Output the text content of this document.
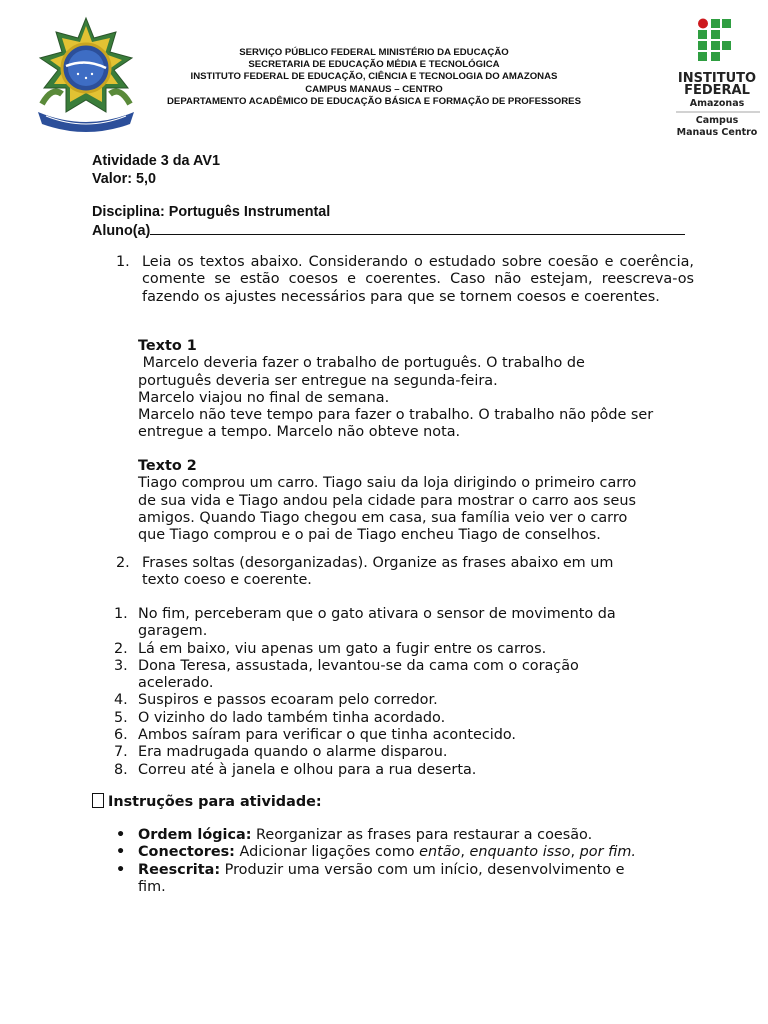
SERVIÇO PÚBLICO FEDERAL MINISTÉRIO DA EDUCAÇÃO
SECRETARIA DE EDUCAÇÃO MÉDIA E TECNOLÓGICA
INSTITUTO FEDERAL DE EDUCAÇÃO, CIÊNCIA E TECNOLOGIA DO AMAZONAS
CAMPUS MANAUS – CENTRO
DEPARTAMENTO ACADÊMICO DE EDUCAÇÃO BÁSICA E FORMAÇÃO DE PROFESSORES
INSTITUTO
FEDERAL
Amazonas
Campus
Manaus Centro
Atividade 3 da AV1
Valor: 5,0
Disciplina: Português Instrumental
Aluno(a)
1. Leia os textos abaixo. Considerando o estudado sobre coesão e coerência, comente se estão coesos e coerentes. Caso não estejam, reescreva-os fazendo os ajustes necessários para que se tornem coesos e coerentes.
Texto 1
Marcelo deveria fazer o trabalho de português. O trabalho de
português deveria ser entregue na segunda-feira.
Marcelo viajou no final de semana.
Marcelo não teve tempo para fazer o trabalho. O trabalho não pôde ser
entregue a tempo. Marcelo não obteve nota.
Texto 2
Tiago comprou um carro. Tiago saiu da loja dirigindo o primeiro carro
de sua vida e Tiago andou pela cidade para mostrar o carro aos seus
amigos. Quando Tiago chegou em casa, sua família veio ver o carro
que Tiago comprou e o pai de Tiago encheu Tiago de conselhos.
2. Frases soltas (desorganizadas). Organize as frases abaixo em um
texto coeso e coerente.
1. No fim, perceberam que o gato ativara o sensor de movimento da
garagem.
2. Lá em baixo, viu apenas um gato a fugir entre os carros.
3. Dona Teresa, assustada, levantou-se da cama com o coração
acelerado.
4. Suspiros e passos ecoaram pelo corredor.
5. O vizinho do lado também tinha acordado.
6. Ambos saíram para verificar o que tinha acontecido.
7. Era madrugada quando o alarme disparou.
8. Correu até à janela e olhou para a rua deserta.
Instruções para atividade:
• Ordem lógica: Reorganizar as frases para restaurar a coesão.
• Conectores: Adicionar ligações como então, enquanto isso, por fim.
• Reescrita: Produzir uma versão com um início, desenvolvimento e
fim.
